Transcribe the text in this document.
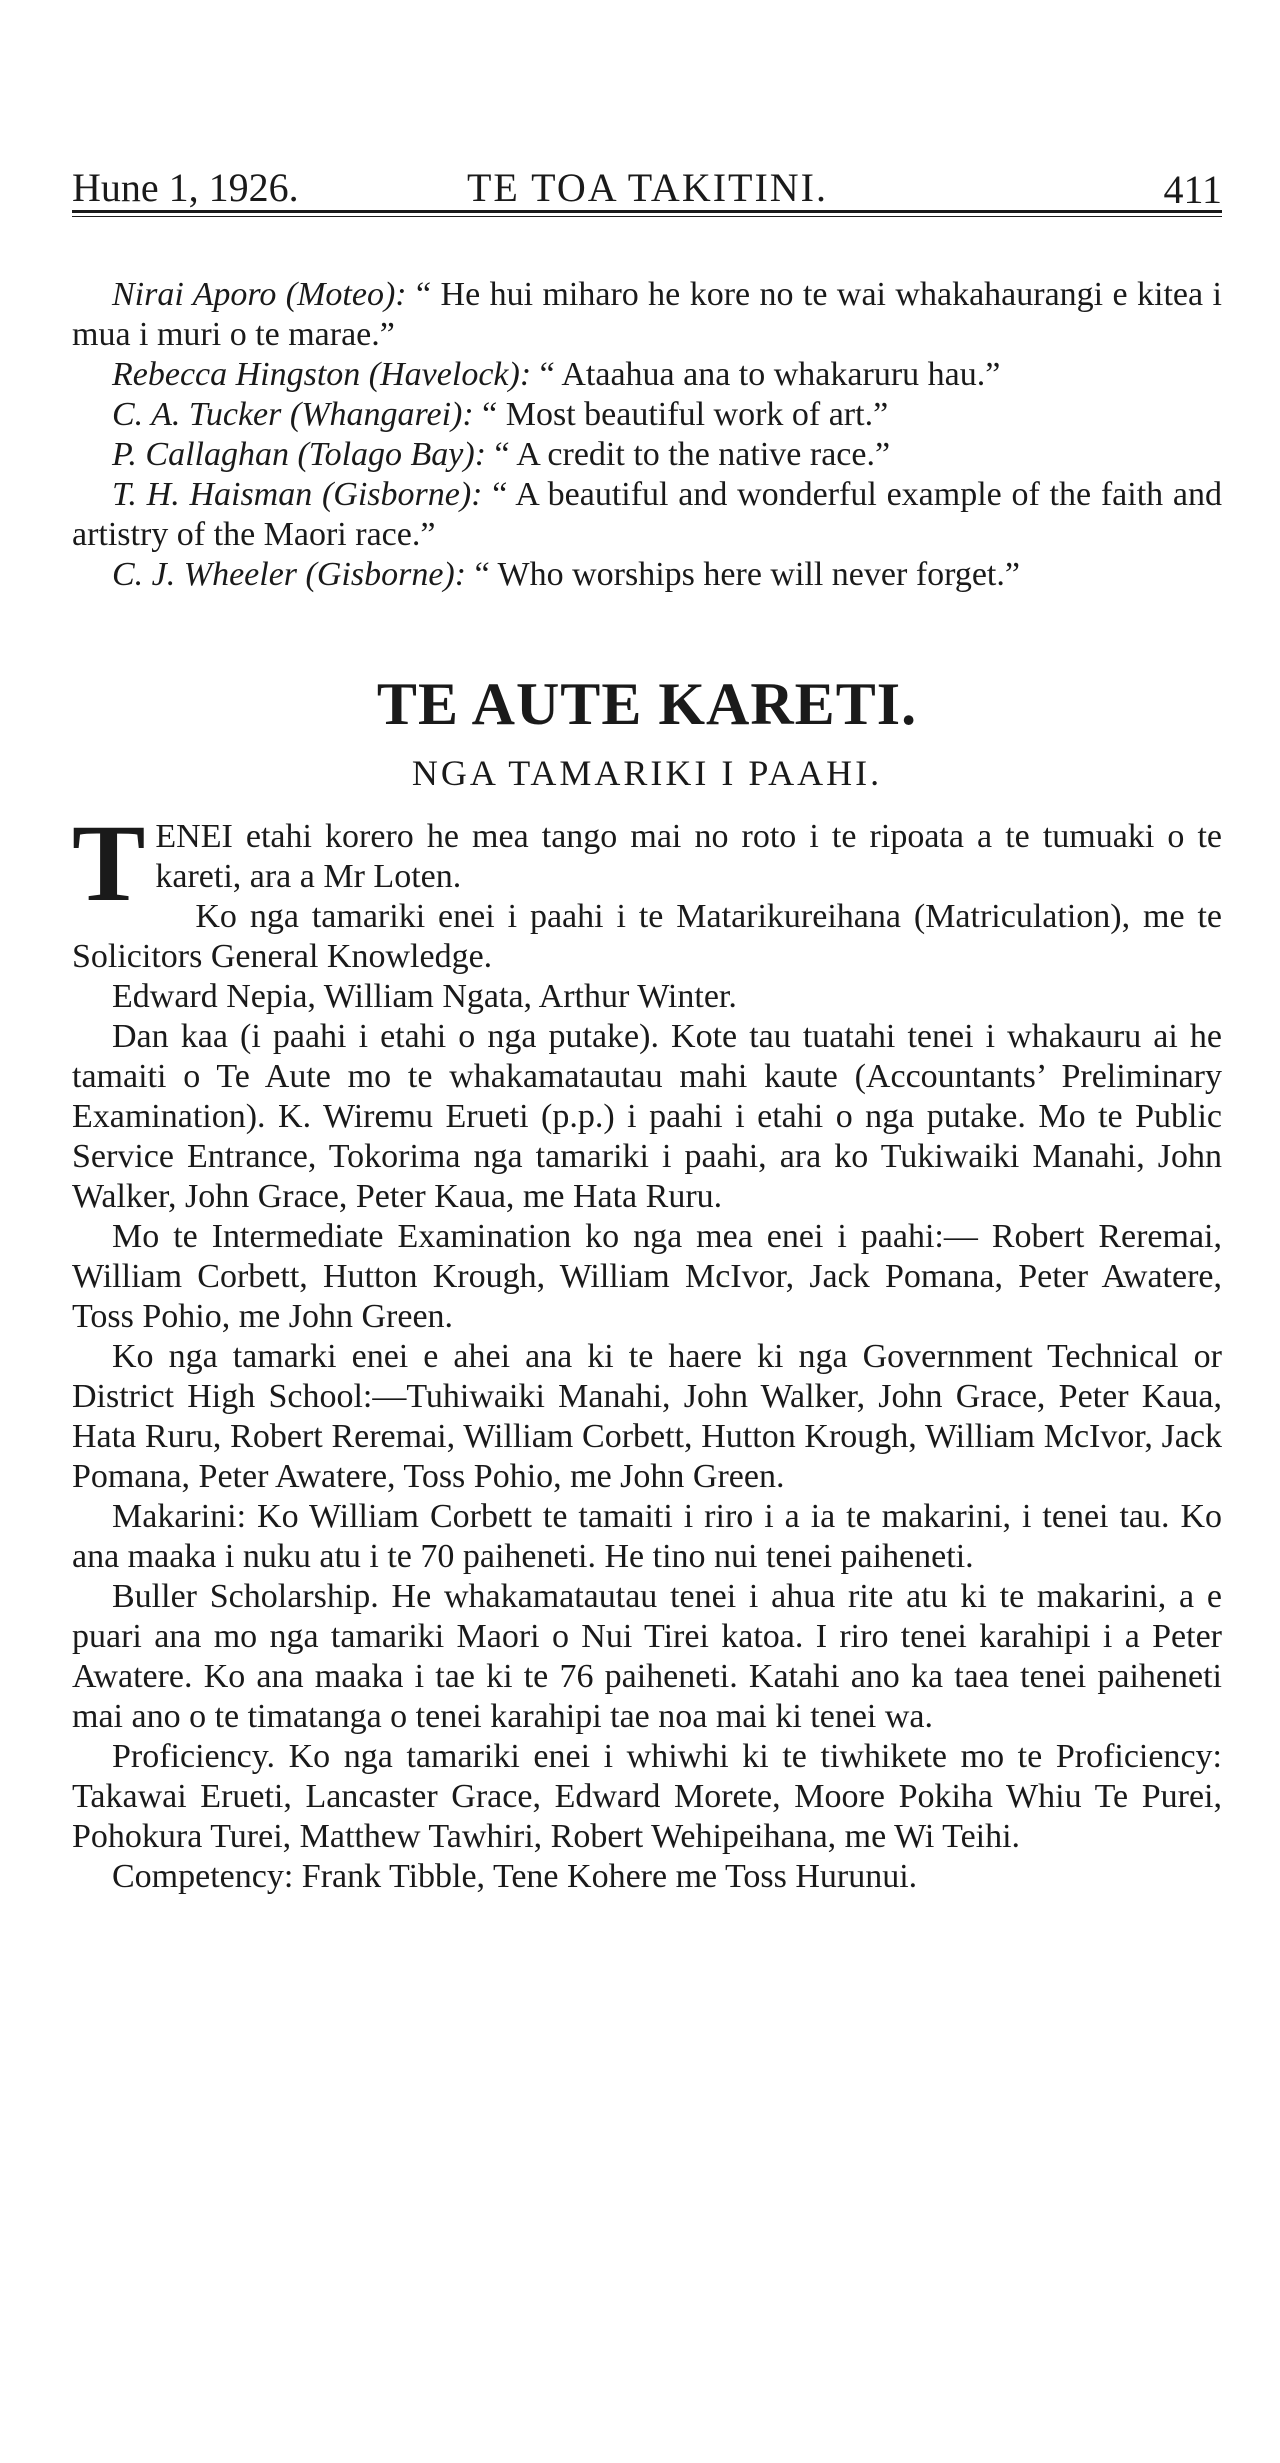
Hune 1, 1926.	TE TOA TAKITINI.	411

Nirai Aporo (Moteo): “ He hui miharo he kore no te wai whakahaurangi e kitea i mua i muri o te marae.”

Rebecca Hingston (Havelock): “ Ataahua ana to whakaruru hau.”

C. A. Tucker (Whangarei): “ Most beautiful work of art.”

P. Callaghan (Tolago Bay): “ A credit to the native race.”

T. H. Haisman (Gisborne): “ A beautiful and wonderful example of the faith and artistry of the Maori race.”

C. J. Wheeler (Gisborne): “ Who worships here will never forget.”

TE AUTE KARETI.
NGA TAMARIKI I PAAHI.

TENEI etahi korero he mea tango mai no roto i te ripoata a te tumuaki o te kareti, ara a Mr Loten.

Ko nga tamariki enei i paahi i te Matarikureihana (Matriculation), me te Solicitors General Knowledge.

Edward Nepia, William Ngata, Arthur Winter.

Dan kaa (i paahi i etahi o nga putake). Kote tau tuatahi tenei i whakauru ai he tamaiti o Te Aute mo te whakamatautau mahi kaute (Accountants’ Preliminary Examination). K. Wiremu Erueti (p.p.) i paahi i etahi o nga putake. Mo te Public Service Entrance, Tokorima nga tamariki i paahi, ara ko Tukiwaiki Manahi, John Walker, John Grace, Peter Kaua, me Hata Ruru.

Mo te Intermediate Examination ko nga mea enei i paahi:— Robert Reremai, William Corbett, Hutton Krough, William McIvor, Jack Pomana, Peter Awatere, Toss Pohio, me John Green.

Ko nga tamarki enei e ahei ana ki te haere ki nga Government Technical or District High School:—Tuhiwaiki Manahi, John Walker, John Grace, Peter Kaua, Hata Ruru, Robert Reremai, William Corbett, Hutton Krough, William McIvor, Jack Pomana, Peter Awatere, Toss Pohio, me John Green.

Makarini: Ko William Corbett te tamaiti i riro i a ia te makarini, i tenei tau. Ko ana maaka i nuku atu i te 70 paiheneti. He tino nui tenei paiheneti.

Buller Scholarship. He whakamatautau tenei i ahua rite atu ki te makarini, a e puari ana mo nga tamariki Maori o Nui Tirei katoa. I riro tenei karahipi i a Peter Awatere. Ko ana maaka i tae ki te 76 paiheneti. Katahi ano ka taea tenei paiheneti mai ano o te timatanga o tenei karahipi tae noa mai ki tenei wa.

Proficiency. Ko nga tamariki enei i whiwhi ki te tiwhikete mo te Proficiency: Takawai Erueti, Lancaster Grace, Edward Morete, Moore Pokiha Whiu Te Purei, Pohokura Turei, Matthew Tawhiri, Robert Wehipeihana, me Wi Teihi.

Competency: Frank Tibble, Tene Kohere me Toss Hurunui.
